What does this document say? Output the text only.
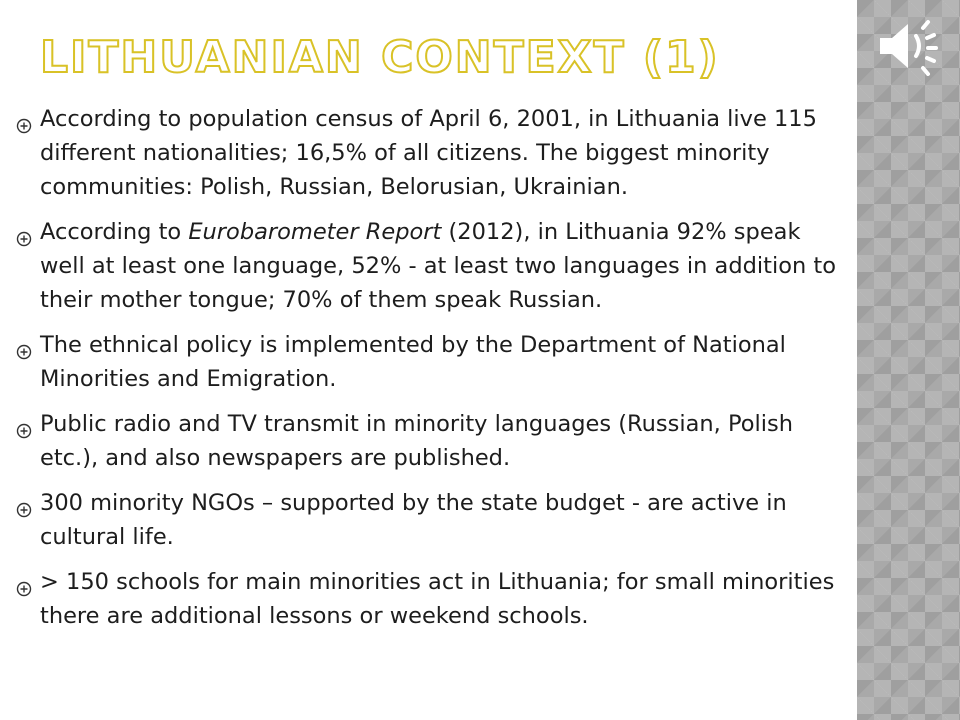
LITHUANIAN CONTEXT (1)
According to population census of April 6, 2001, in Lithuania live 115 different nationalities; 16,5% of all citizens. The biggest minority communities: Polish, Russian, Belorusian, Ukrainian.
According to Eurobarometer Report (2012), in Lithuania 92% speak well at least one language, 52% - at least two languages in addition to their mother tongue; 70% of them speak Russian.
The ethnical policy is implemented by the Department of National Minorities and Emigration.
Public radio and TV transmit in minority languages (Russian, Polish etc.), and also newspapers are published.
300 minority NGOs – supported by the state budget - are active in cultural life.
> 150 schools for main minorities act in Lithuania; for small minorities there are additional lessons or weekend schools.
